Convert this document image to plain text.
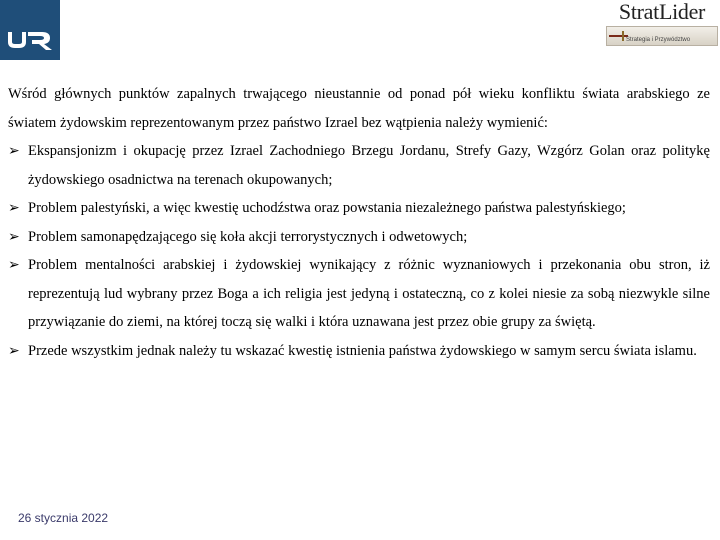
StratLider
Strategia i Przywództwo

Wśród głównych punktów zapalnych trwającego nieustannie od ponad pół wieku konfliktu świata arabskiego ze światem żydowskim reprezentowanym przez państwo Izrael bez wątpienia należy wymienić:

➢ Ekspansjonizm i okupację przez Izrael Zachodniego Brzegu Jordanu, Strefy Gazy, Wzgórz Golan oraz politykę żydowskiego osadnictwa na terenach okupowanych;
➢ Problem palestyński, a więc kwestię uchodźstwa oraz powstania niezależnego państwa palestyńskiego;
➢ Problem samonapędzającego się koła akcji terrorystycznych i odwetowych;
➢ Problem mentalności arabskiej i żydowskiej wynikający z różnic wyznaniowych i przekonania obu stron, iż reprezentują lud wybrany przez Boga a ich religia jest jedyną i ostateczną, co z kolei niesie za sobą niezwykle silne przywiązanie do ziemi, na której toczą się walki i która uznawana jest przez obie grupy za świętą.
➢ Przede wszystkim jednak należy tu wskazać kwestię istnienia państwa żydowskiego w samym sercu świata islamu.
26 stycznia 2022
